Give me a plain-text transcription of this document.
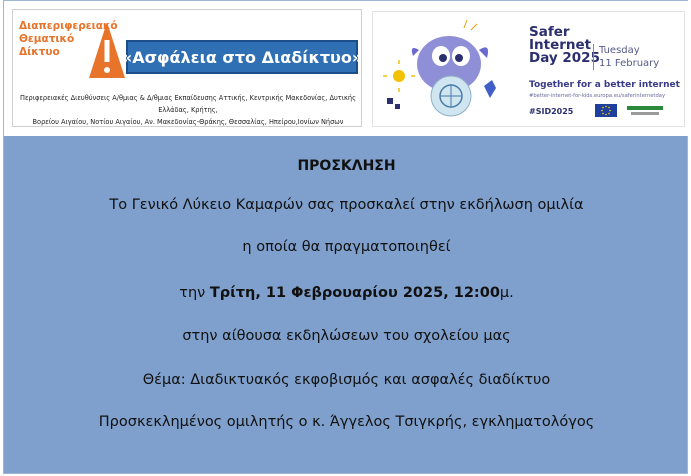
Διαπεριφερειακό
Θεματικό
Δίκτυο	«Ασφάλεια στο Διαδίκτυο»
Περιφερειακές Διευθύνσεις Α/θμιας & Δ/θμιας Εκπαίδευσης Αττικής, Κεντρικής Μακεδονίας, Δυτικής Ελλάδας, Κρήτης,
Βορείου Αιγαίου, Νοτίου Αιγαίου, Αν. Μακεδονίας-Θράκης, Θεσσαλίας, Ηπείρου,Ιονίων Νήσων
Safer
Internet
Day 2025 Tuesday
11 February
Together for a better internet
#better-internet-for-kids.europa.eu/saferinternetday
#SID2025
ΠΡΟΣΚΛΗΣΗ
Το Γενικό Λύκειο Καμαρών σας προσκαλεί στην εκδήλωση ομιλία
η οποία θα πραγματοποιηθεί
την Τρίτη, 11 Φεβρουαρίου 2025, 12:00μ.
στην αίθουσα εκδηλώσεων του σχολείου μας
Θέμα: Διαδικτυακός εκφοβισμός και ασφαλές διαδίκτυο
Προσκεκλημένος ομιλητής ο κ. Άγγελος Τσιγκρής, εγκληματολόγος
